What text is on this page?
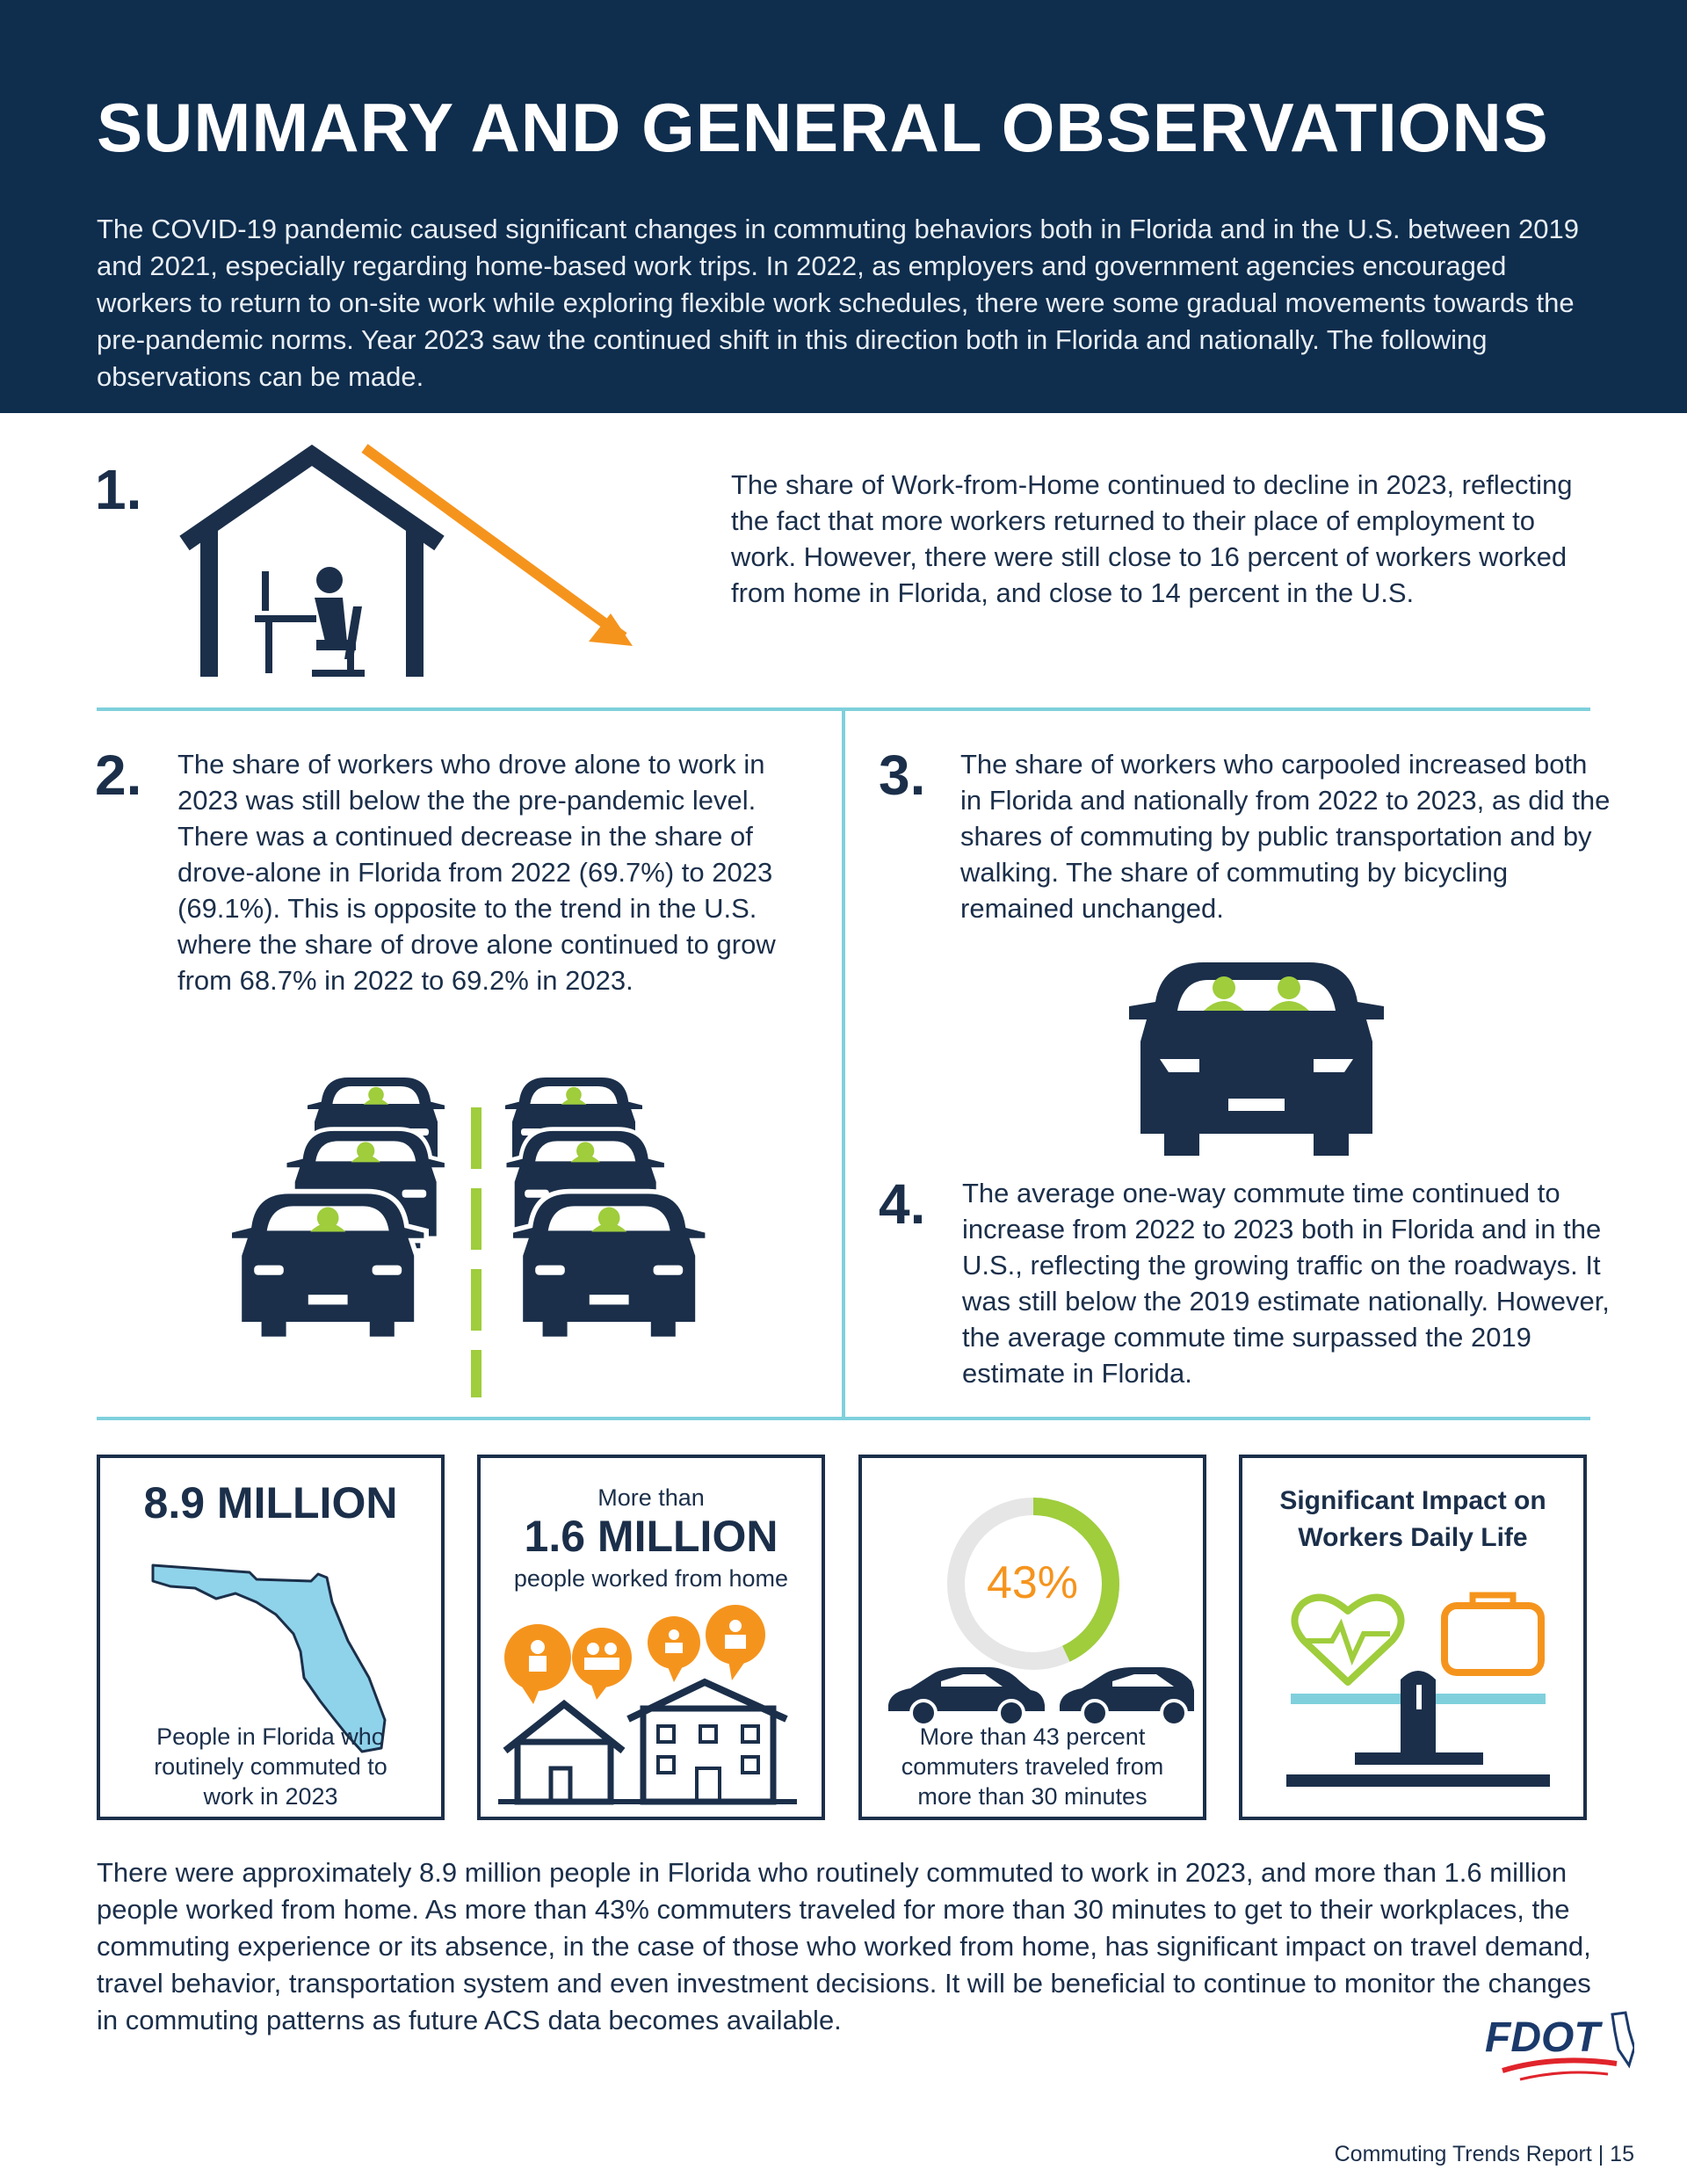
SUMMARY AND GENERAL OBSERVATIONS

The COVID-19 pandemic caused significant changes in commuting behaviors both in Florida and in the U.S. between 2019 and 2021, especially regarding home-based work trips. In 2022, as employers and government agencies encouraged workers to return to on-site work while exploring flexible work schedules, there were some gradual movements towards the pre-pandemic norms. Year 2023 saw the continued shift in this direction both in Florida and nationally. The following observations can be made.

1.	The share of Work-from-Home continued to decline in 2023, reflecting the fact that more workers returned to their place of employment to work. However, there were still close to 16 percent of workers worked from home in Florida, and close to 14 percent in the U.S.

2. The share of workers who drove alone to work in 2023 was still below the the pre-pandemic level. There was a continued decrease in the share of drove-alone in Florida from 2022 (69.7%) to 2023 (69.1%). This is opposite to the trend in the U.S. where the share of drove alone continued to grow from 68.7% in 2022 to 69.2% in 2023.

3. The share of workers who carpooled increased both in Florida and nationally from 2022 to 2023, as did the shares of commuting by public transportation and by walking. The share of commuting by bicycling remained unchanged.

4. The average one-way commute time continued to increase from 2022 to 2023 both in Florida and in the U.S., reflecting the growing traffic on the roadways. It was still below the 2019 estimate nationally. However, the average commute time surpassed the 2019 estimate in Florida.

8.9 MILLION
People in Florida who routinely commuted to work in 2023
More than
1.6 MILLION
people worked from home	43%
More than 43 percent commuters traveled from more than 30 minutes
Significant Impact on Workers Daily Life

There were approximately 8.9 million people in Florida who routinely commuted to work in 2023, and more than 1.6 million people worked from home. As more than 43% commuters traveled for more than 30 minutes to get to their workplaces, the commuting experience or its absence, in the case of those who worked from home, has significant impact on travel demand, travel behavior, transportation system and even investment decisions. It will be beneficial to continue to monitor the changes in commuting patterns as future ACS data becomes available.	FDOT
Commuting Trends Report | 15
